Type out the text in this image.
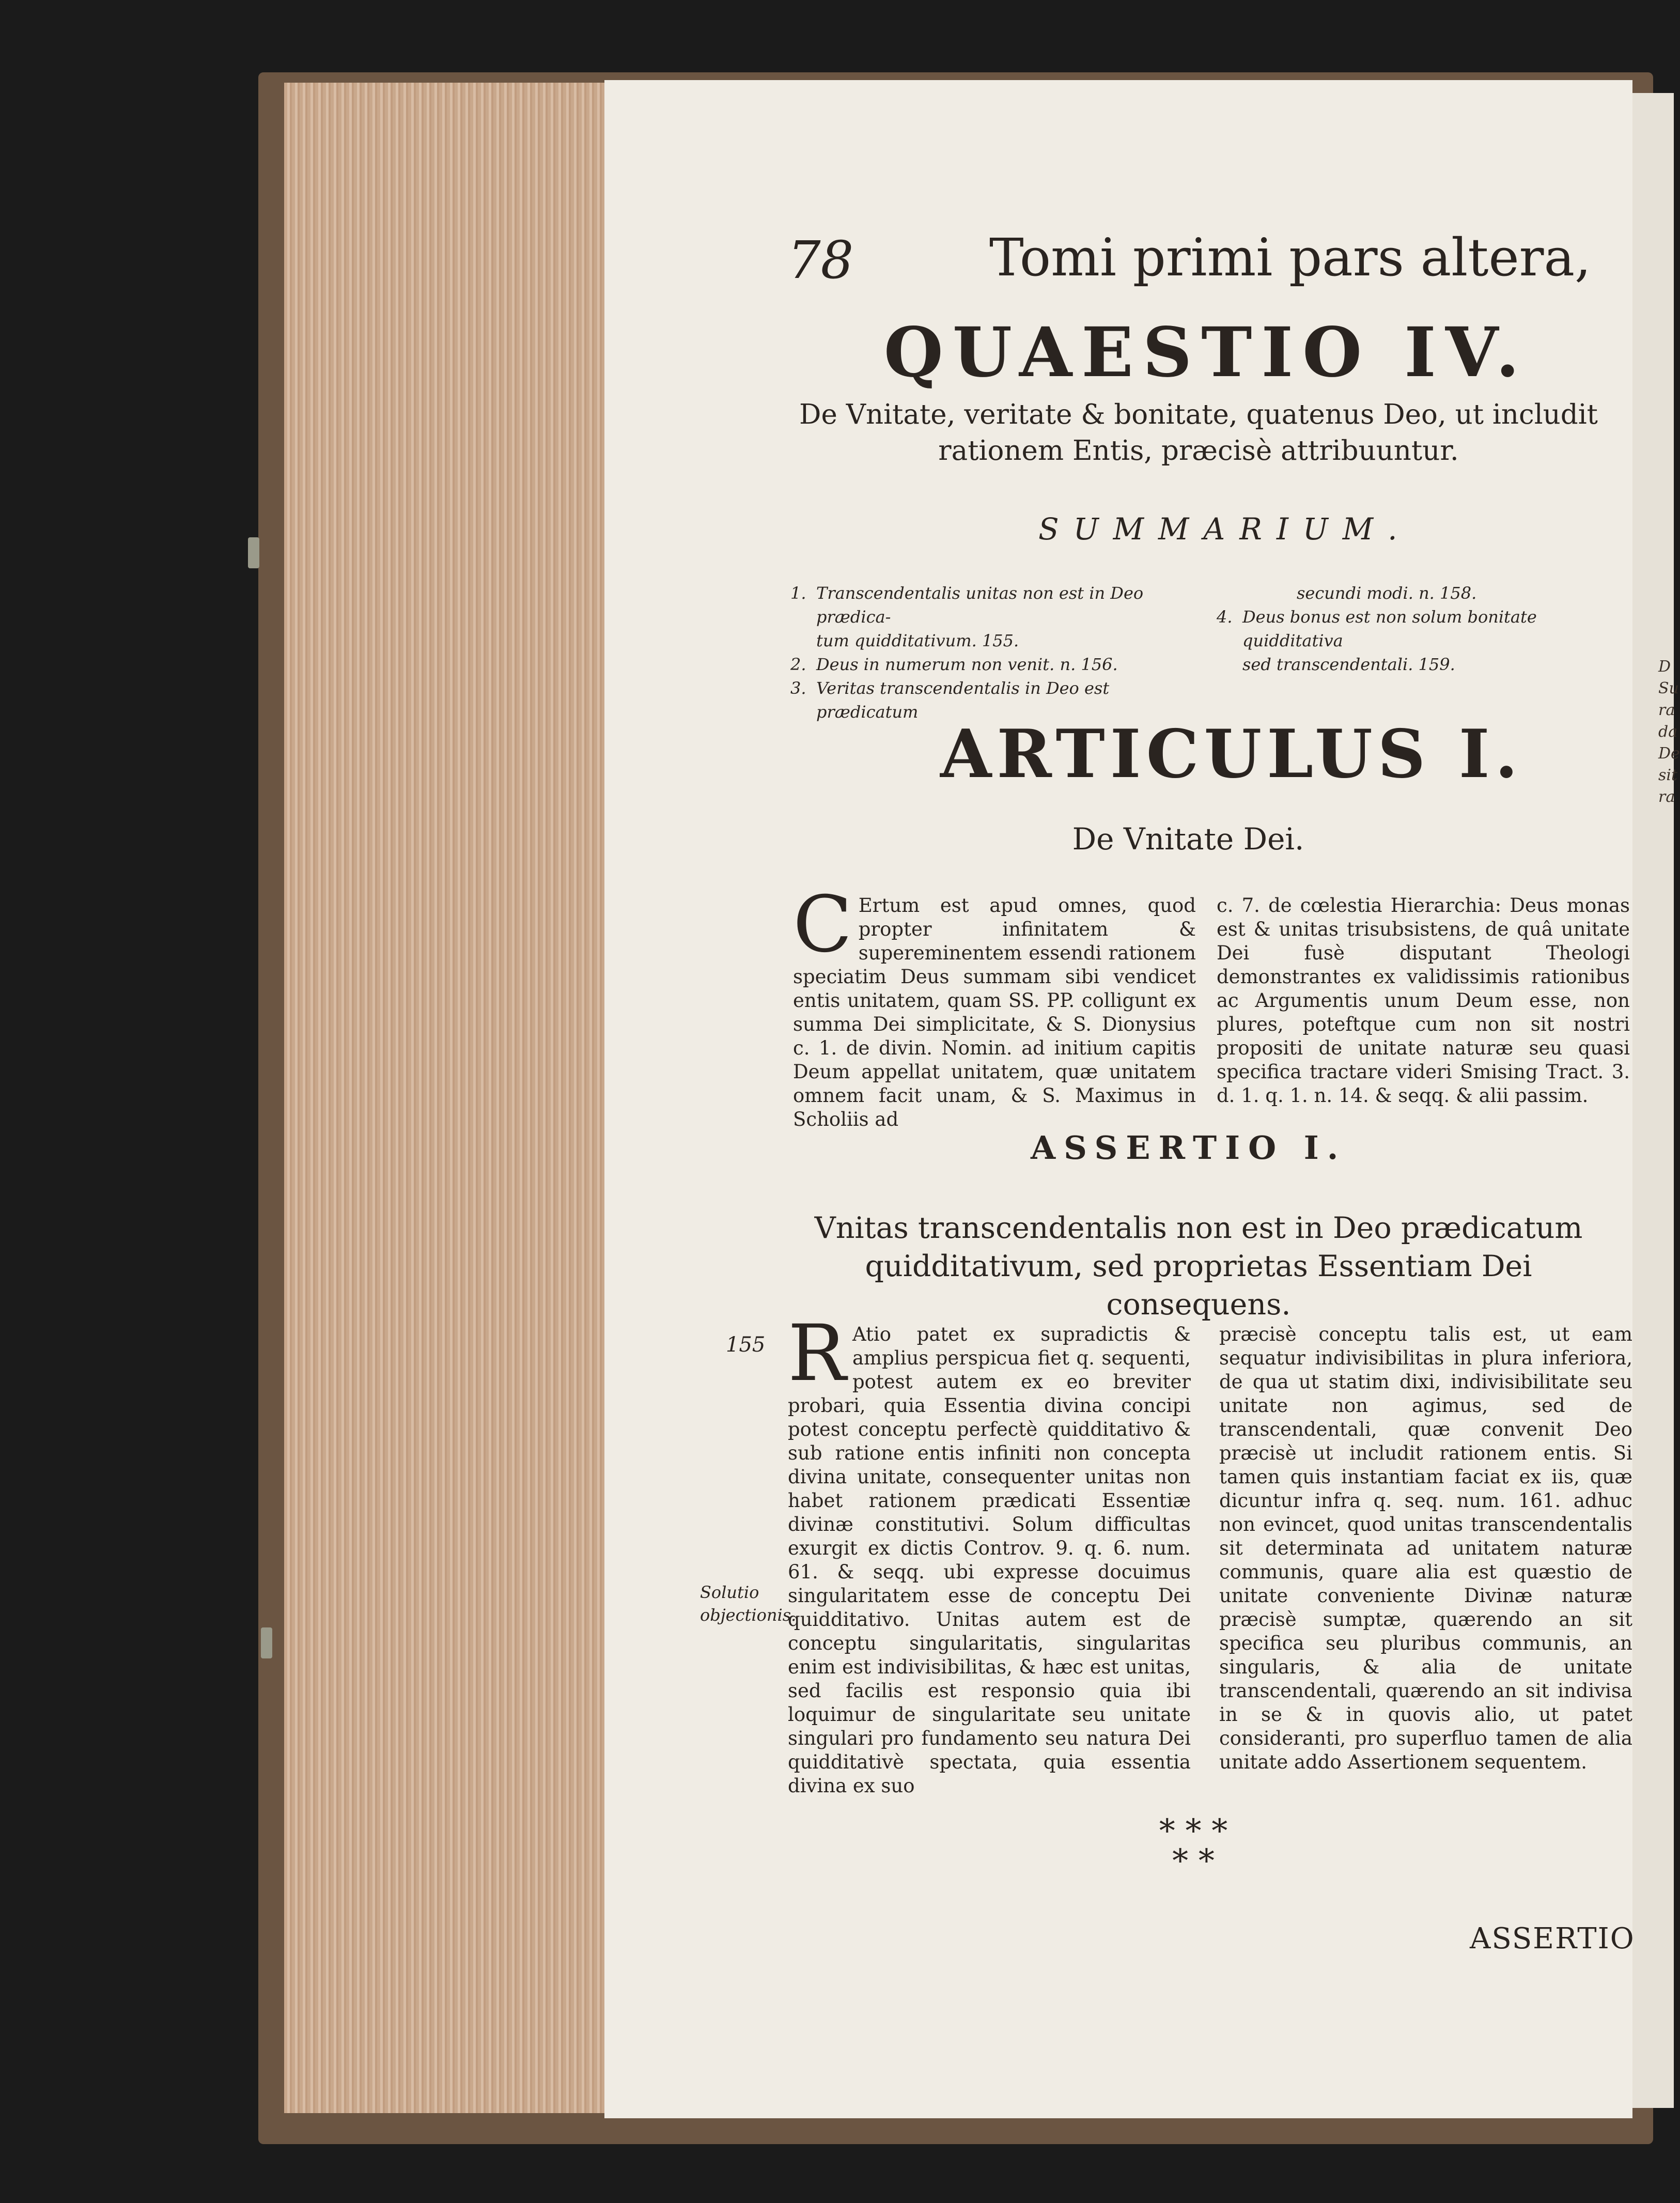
D
Su
ra
da
De
sit
ra
78	Tomi primi pars altera,
QUAESTIO IV.
De Vnitate, veritate & bonitate, quatenus Deo, ut includit rationem Entis, præcisè attribuuntur.
SUMMARIUM.
1. Transcendentalis unitas non est in Deo prædica-
tum quidditativum. 155.
2. Deus in numerum non venit. n. 156.
3. Veritas transcendentalis in Deo est prædicatum
secundi modi. n. 158.
4. Deus bonus est non solum bonitate quidditativa
sed transcendentali. 159.
ARTICULUS I.
De Vnitate Dei.
C Ertum est apud omnes, quod propter infinitatem & supereminentem essendi rationem speciatim Deus summam sibi vendicet entis unitatem, quam SS. PP. colligunt ex summa Dei simplicitate, & S. Dionysius c. 1. de divin. Nomin. ad initium capitis Deum appellat unitatem, quæ unitatem omnem facit unam, & S. Maximus in Scholiis ad
c. 7. de cœlestia Hierarchia: Deus monas est & unitas trisubsistens, de quâ unitate Dei fusè disputant Theologi demonstrantes ex validissimis rationibus ac Argumentis unum Deum esse, non plures, poteftque cum non sit nostri propositi de unitate naturæ seu quasi specifica tractare videri Smising Tract. 3. d. 1. q. 1. n. 14. & seqq. & alii passim.
ASSERTIO I.
Vnitas transcendentalis non est in Deo prædicatum quidditativum, sed proprietas Essentiam Dei consequens.
155
Solutio objectionis.
R Atio patet ex supradictis & amplius perspicua fiet q. sequenti, potest autem ex eo breviter probari, quia Essentia divina concipi potest conceptu perfectè quidditativo & sub ratione entis infiniti non concepta divina unitate, consequenter unitas non habet rationem prædicati Essentiæ divinæ constitutivi. Solum difficultas exurgit ex dictis Controv. 9. q. 6. num. 61. & seqq. ubi expresse docuimus singularitatem esse de conceptu Dei quidditativo. Unitas autem est de conceptu singularitatis, singularitas enim est indivisibilitas, & hæc est unitas, sed facilis est responsio quia ibi loquimur de singularitate seu unitate singulari pro fundamento seu natura Dei quidditativè spectata, quia essentia divina ex suo
præcisè conceptu talis est, ut eam sequatur indivisibilitas in plura inferiora, de qua ut statim dixi, indivisibilitate seu unitate non agimus, sed de transcendentali, quæ convenit Deo præcisè ut includit rationem entis. Si tamen quis instantiam faciat ex iis, quæ dicuntur infra q. seq. num. 161. adhuc non evincet, quod unitas transcendentalis sit determinata ad unitatem naturæ communis, quare alia est quæstio de unitate conveniente Divinæ naturæ præcisè sumptæ, quærendo an sit specifica seu pluribus communis, an singularis, & alia de unitate transcendentali, quærendo an sit indivisa in se & in quovis alio, ut patet consideranti, pro superfluo tamen de alia unitate addo Assertionem sequentem.
* * *
* *
ASSERTIO
